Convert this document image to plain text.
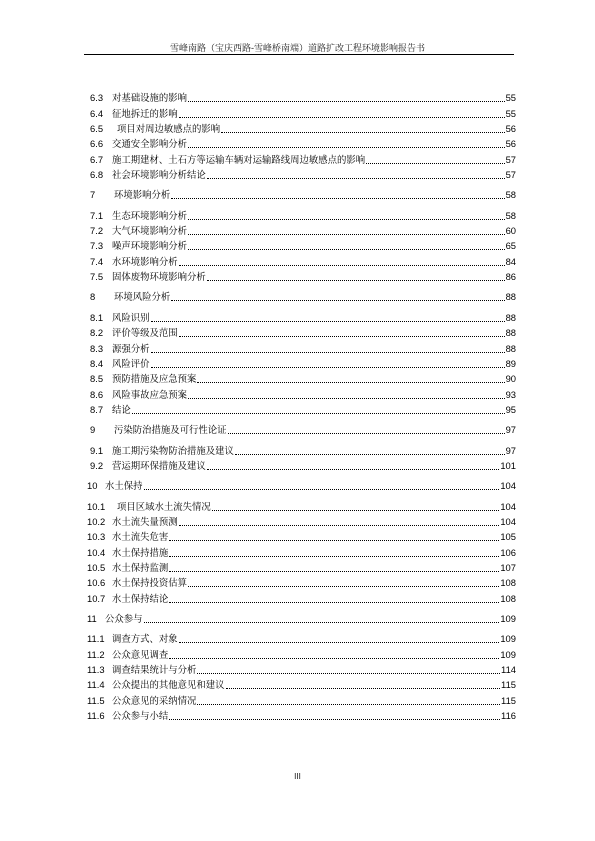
雪峰南路（宝庆西路-雪峰桥南端）道路扩改工程环境影响报告书
6.3 对基础设施的影响	55
6.4 征地拆迁的影响	55
6.5	项目对周边敏感点的影响	56
6.6 交通安全影响分析	56
6.7 施工期建材、土石方等运输车辆对运输路线周边敏感点的影响	57
6.8 社会环境影响分析结论	57
7	环境影响分析	58
7.1 生态环境影响分析	58
7.2 大气环境影响分析	60
7.3 噪声环境影响分析	65
7.4 水环境影响分析	84
7.5 固体废物环境影响分析	86
8	环境风险分析	88
8.1 风险识别	88
8.2 评价等级及范围	88
8.3 源强分析	88
8.4 风险评价	89
8.5 预防措施及应急预案	90
8.6 风险事故应急预案	93
8.7 结论	95
9	污染防治措施及可行性论证	97
9.1 施工期污染物防治措施及建议	97
9.2 营运期环保措施及建议	101
10 水土保持	104
10.1	项目区域水土流失情况	104
10.2 水土流失量预测	104
10.3 水土流失危害	105
10.4 水土保持措施	106
10.5 水土保持监测	107
10.6 水土保持投资估算	108
10.7 水土保持结论	108
11 公众参与	109
11.1 调查方式、对象	109
11.2 公众意见调查	109
11.3 调查结果统计与分析	114
11.4 公众提出的其他意见和建议	115
11.5 公众意见的采纳情况	115
11.6 公众参与小结	116
III
